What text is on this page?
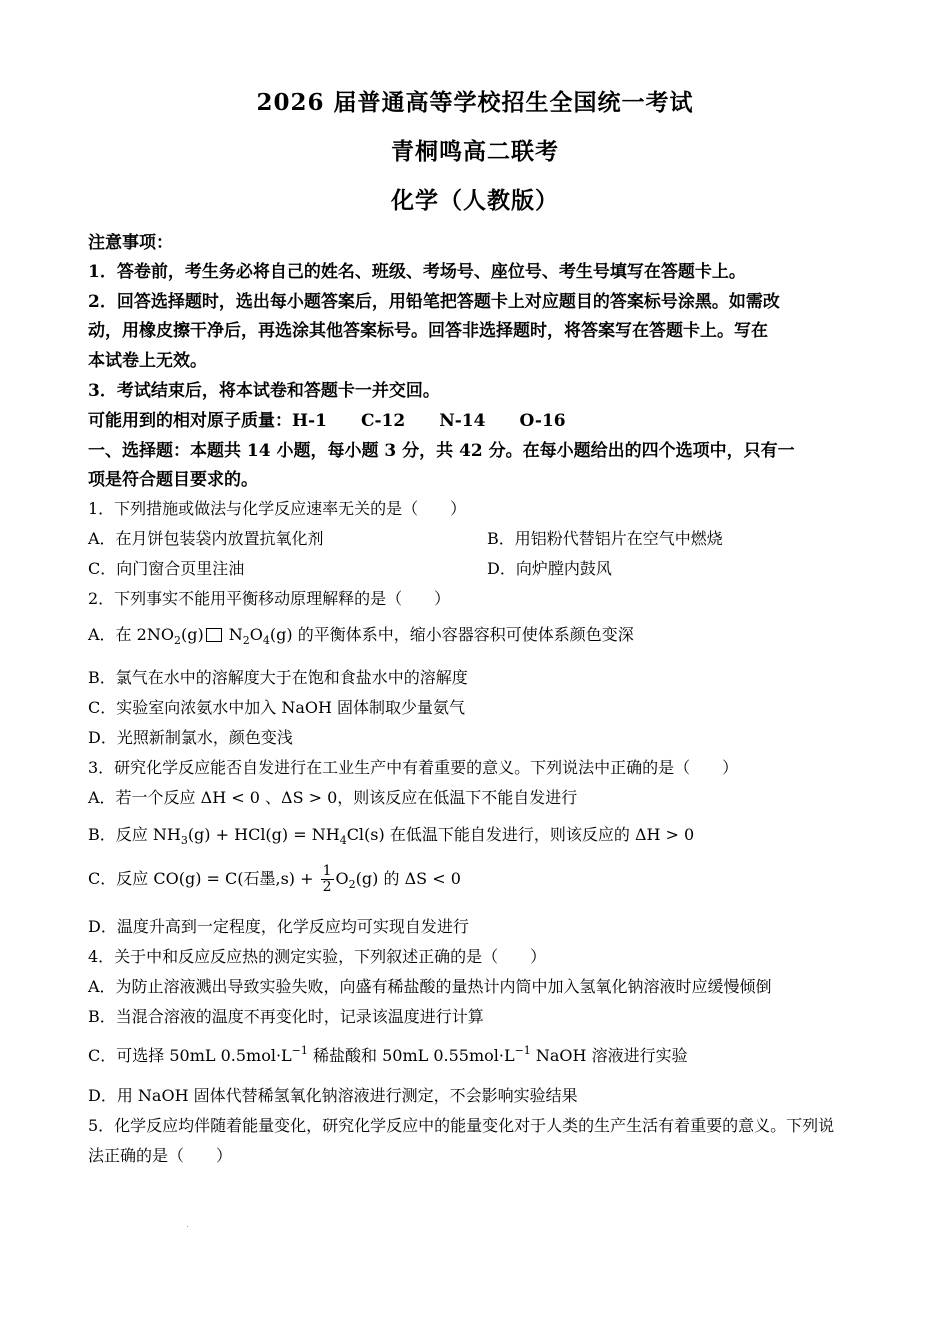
2026 届普通高等学校招生全国统一考试
青桐鸣高二联考
化学（人教版）
注意事项：
1．答卷前，考生务必将自己的姓名、班级、考场号、座位号、考生号填写在答题卡上。
2．回答选择题时，选出每小题答案后，用铅笔把答题卡上对应题目的答案标号涂黑。如需改
动，用橡皮擦干净后，再选涂其他答案标号。回答非选择题时，将答案写在答题卡上。写在
本试卷上无效。
3．考试结束后，将本试卷和答题卡一并交回。
可能用到的相对原子质量：H-1 C-12 N-14 O-16
一、选择题：本题共 14 小题，每小题 3 分，共 42 分。在每小题给出的四个选项中，只有一
项是符合题目要求的。
1．下列措施或做法与化学反应速率无关的是（　　）
A．在月饼包装袋内放置抗氧化剂	B．用铝粉代替铝片在空气中燃烧
C．向门窗合页里注油	D．向炉膛内鼓风
2．下列事实不能用平衡移动原理解释的是（　　）
A．在 $2NO_2(g)$ $N_2O_4(g)$ 的平衡体系中，缩小容器容积可使体系颜色变深
B．氯气在水中的溶解度大于在饱和食盐水中的溶解度
C．实验室向浓氨水中加入 NaOH 固体制取少量氨气
D．光照新制氯水，颜色变浅
3．研究化学反应能否自发进行在工业生产中有着重要的意义。下列说法中正确的是（　　）
A．若一个反应 ΔH < 0 、ΔS > 0，则该反应在低温下不能自发进行
B．反应 $NH_3(g) + HCl(g) = NH_4Cl(s)$ 在低温下能自发进行，则该反应的 ΔH > 0
C．反应 CO(g) = C(石墨$,s) + \frac{1}{2} O_2(g)$ 的 ΔS < 0
D．温度升高到一定程度，化学反应均可实现自发进行
4．关于中和反应反应热的测定实验，下列叙述正确的是（　　）
A．为防止溶液溅出导致实验失败，向盛有稀盐酸的量热计内筒中加入氢氧化钠溶液时应缓慢倾倒
B．当混合溶液的温度不再变化时，记录该温度进行计算
C．可选择 50mL $0.5mol\cdot L^{-1}$ 稀盐酸和 50mL $0.55mol\cdot L^{-1}$ NaOH 溶液进行实验
D．用 NaOH 固体代替稀氢氧化钠溶液进行测定，不会影响实验结果
5．化学反应均伴随着能量变化，研究化学反应中的能量变化对于人类的生产生活有着重要的意义。下列说
法正确的是（　　）
